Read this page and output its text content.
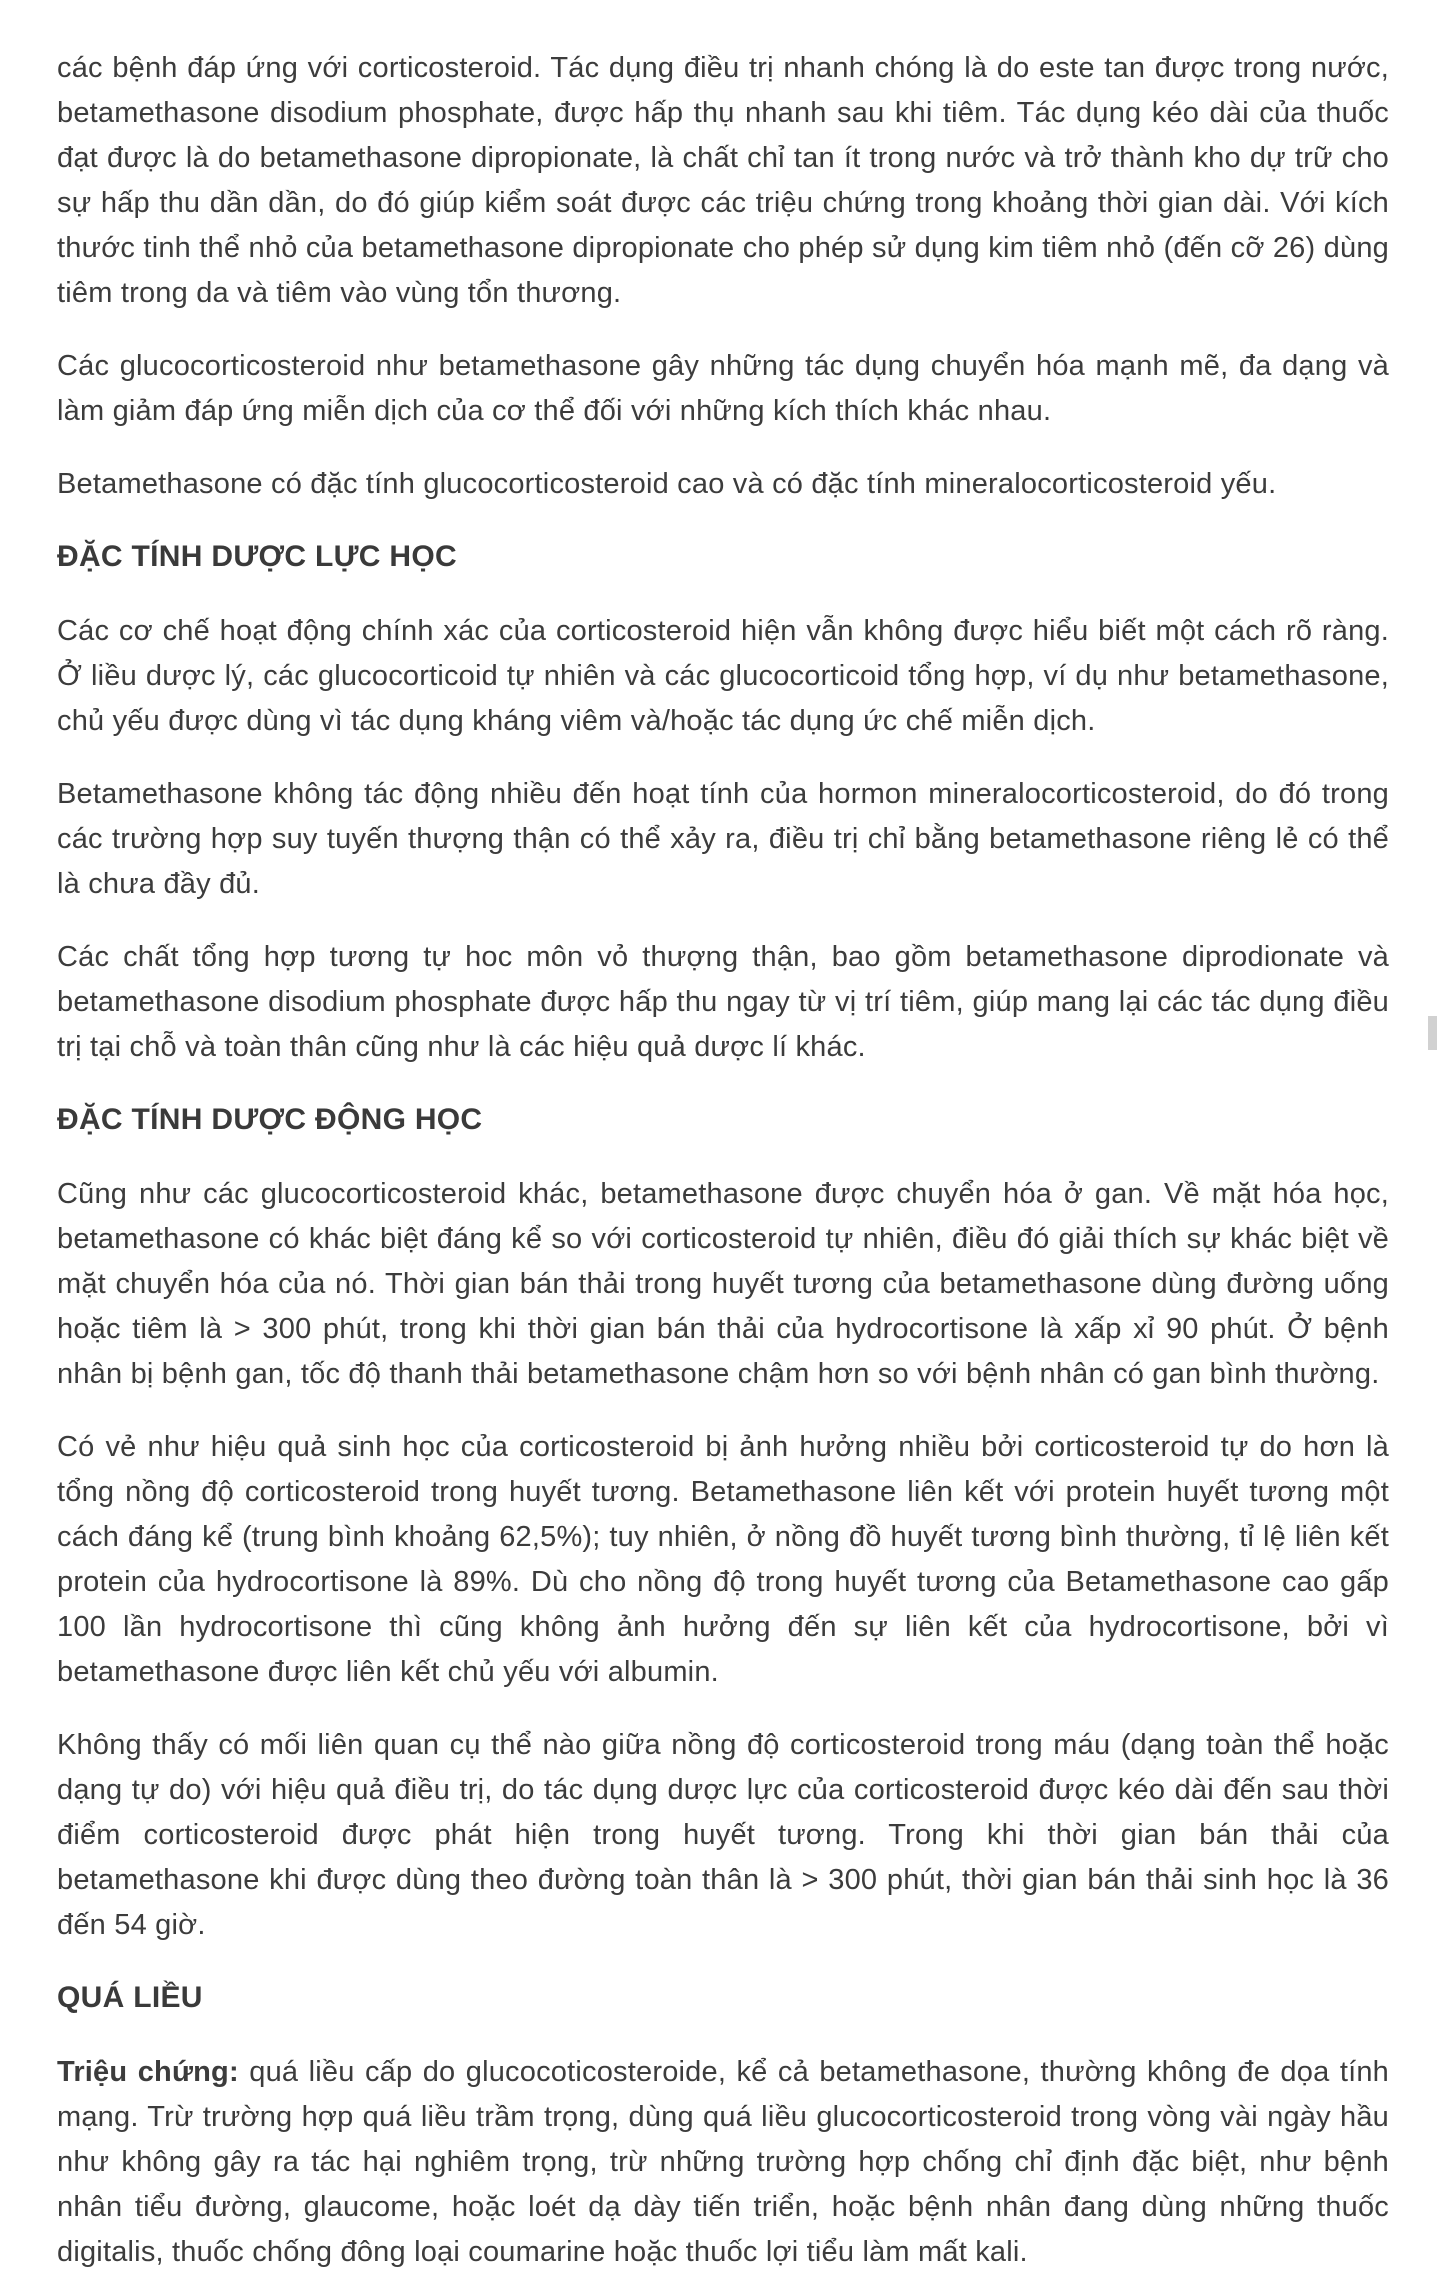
các bệnh đáp ứng với corticosteroid. Tác dụng điều trị nhanh chóng là do este tan được trong nước, betamethasone disodium phosphate, được hấp thụ nhanh sau khi tiêm. Tác dụng kéo dài của thuốc đạt được là do betamethasone dipropionate, là chất chỉ tan ít trong nước và trở thành kho dự trữ cho sự hấp thu dần dần, do đó giúp kiểm soát được các triệu chứng trong khoảng thời gian dài. Với kích thước tinh thể nhỏ của betamethasone dipropionate cho phép sử dụng kim tiêm nhỏ (đến cỡ 26) dùng tiêm trong da và tiêm vào vùng tổn thương.

Các glucocorticosteroid như betamethasone gây những tác dụng chuyển hóa mạnh mẽ, đa dạng và làm giảm đáp ứng miễn dịch của cơ thể đối với những kích thích khác nhau.

Betamethasone có đặc tính glucocorticosteroid cao và có đặc tính mineralocorticosteroid yếu.

ĐẶC TÍNH DƯỢC LỰC HỌC

Các cơ chế hoạt động chính xác của corticosteroid hiện vẫn không được hiểu biết một cách rõ ràng. Ở liều dược lý, các glucocorticoid tự nhiên và các glucocorticoid tổng hợp, ví dụ như betamethasone, chủ yếu được dùng vì tác dụng kháng viêm và/hoặc tác dụng ức chế miễn dịch.

Betamethasone không tác động nhiều đến hoạt tính của hormon mineralocorticosteroid, do đó trong các trường hợp suy tuyến thượng thận có thể xảy ra, điều trị chỉ bằng betamethasone riêng lẻ có thể là chưa đầy đủ.

Các chất tổng hợp tương tự hoc môn vỏ thượng thận, bao gồm betamethasone diprodionate và betamethasone disodium phosphate được hấp thu ngay từ vị trí tiêm, giúp mang lại các tác dụng điều trị tại chỗ và toàn thân cũng như là các hiệu quả dược lí khác.

ĐẶC TÍNH DƯỢC ĐỘNG HỌC

Cũng như các glucocorticosteroid khác, betamethasone được chuyển hóa ở gan. Về mặt hóa học, betamethasone có khác biệt đáng kể so với corticosteroid tự nhiên, điều đó giải thích sự khác biệt về mặt chuyển hóa của nó. Thời gian bán thải trong huyết tương của betamethasone dùng đường uống hoặc tiêm là > 300 phút, trong khi thời gian bán thải của hydrocortisone là xấp xỉ 90 phút. Ở bệnh nhân bị bệnh gan, tốc độ thanh thải betamethasone chậm hơn so với bệnh nhân có gan bình thường.

Có vẻ như hiệu quả sinh học của corticosteroid bị ảnh hưởng nhiều bởi corticosteroid tự do hơn là tổng nồng độ corticosteroid trong huyết tương. Betamethasone liên kết với protein huyết tương một cách đáng kể (trung bình khoảng 62,5%); tuy nhiên, ở nồng đồ huyết tương bình thường, tỉ lệ liên kết protein của hydrocortisone là 89%. Dù cho nồng độ trong huyết tương của Betamethasone cao gấp 100 lần hydrocortisone thì cũng không ảnh hưởng đến sự liên kết của hydrocortisone, bởi vì betamethasone được liên kết chủ yếu với albumin.

Không thấy có mối liên quan cụ thể nào giữa nồng độ corticosteroid trong máu (dạng toàn thể hoặc dạng tự do) với hiệu quả điều trị, do tác dụng dược lực của corticosteroid được kéo dài đến sau thời điểm corticosteroid được phát hiện trong huyết tương. Trong khi thời gian bán thải của betamethasone khi được dùng theo đường toàn thân là > 300 phút, thời gian bán thải sinh học là 36 đến 54 giờ.

QUÁ LIỀU

Triệu chứng: quá liều cấp do glucocoticosteroide, kể cả betamethasone, thường không đe dọa tính mạng. Trừ trường hợp quá liều trầm trọng, dùng quá liều glucocorticosteroid trong vòng vài ngày hầu như không gây ra tác hại nghiêm trọng, trừ những trường hợp chống chỉ định đặc biệt, như bệnh nhân tiểu đường, glaucome, hoặc loét dạ dày tiến triển, hoặc bệnh nhân đang dùng những thuốc digitalis, thuốc chống đông loại coumarine hoặc thuốc lợi tiểu làm mất kali.
